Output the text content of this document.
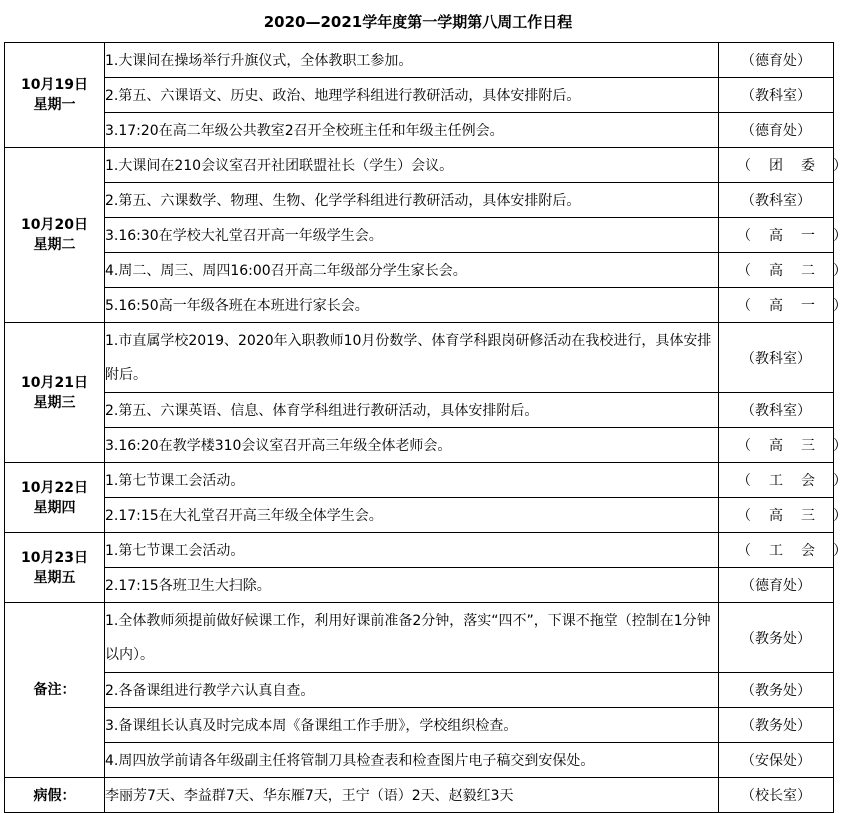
2020—2021学年度第一学期第八周工作日程
10月19日
星期一	1.大课间在操场举行升旗仪式，全体教职工参加。	（德育处）
	2.第五、六课语文、历史、政治、地理学科组进行教研活动，具体安排附后。	（教科室）
	3.17:20在高二年级公共教室2召开全校班主任和年级主任例会。	（德育处）

10月20日
星期二	1.大课间在210会议室召开社团联盟社长（学生）会议。	（团委）
	2.第五、六课数学、物理、生物、化学学科组进行教研活动，具体安排附后。	（教科室）
	3.16:30在学校大礼堂召开高一年级学生会。	（高一）
	4.周二、周三、周四16:00召开高二年级部分学生家长会。	（高二）
	5.16:50高一年级各班在本班进行家长会。	（高一）

10月21日
星期三	1.市直属学校2019、2020年入职教师10月份数学、体育学科跟岗研修活动在我校进行，具体安排附后。	（教科室）
	2.第五、六课英语、信息、体育学科组进行教研活动，具体安排附后。	（教科室）
	3.16:20在教学楼310会议室召开高三年级全体老师会。	（高三）

10月22日
星期四	1.第七节课工会活动。	（工会）
	2.17:15在大礼堂召开高三年级全体学生会。	（高三）

10月23日
星期五	1.第七节课工会活动。	（工会）
	2.17:15各班卫生大扫除。	（德育处）
备注：	1.全体教师须提前做好候课工作，利用好课前准备2分钟，落实“四不”，下课不拖堂（控制在1分钟以内）。	（教务处）
	2.各备课组进行教学六认真自查。	（教务处）
	3.备课组长认真及时完成本周《备课组工作手册》，学校组织检查。	（教务处）
	4.周四放学前请各年级副主任将管制刀具检查表和检查图片电子稿交到安保处。	（安保处）
病假：	李丽芳7天、李益群7天、华东雁7天，王宁（语）2天、赵毅红3天	（校长室）
